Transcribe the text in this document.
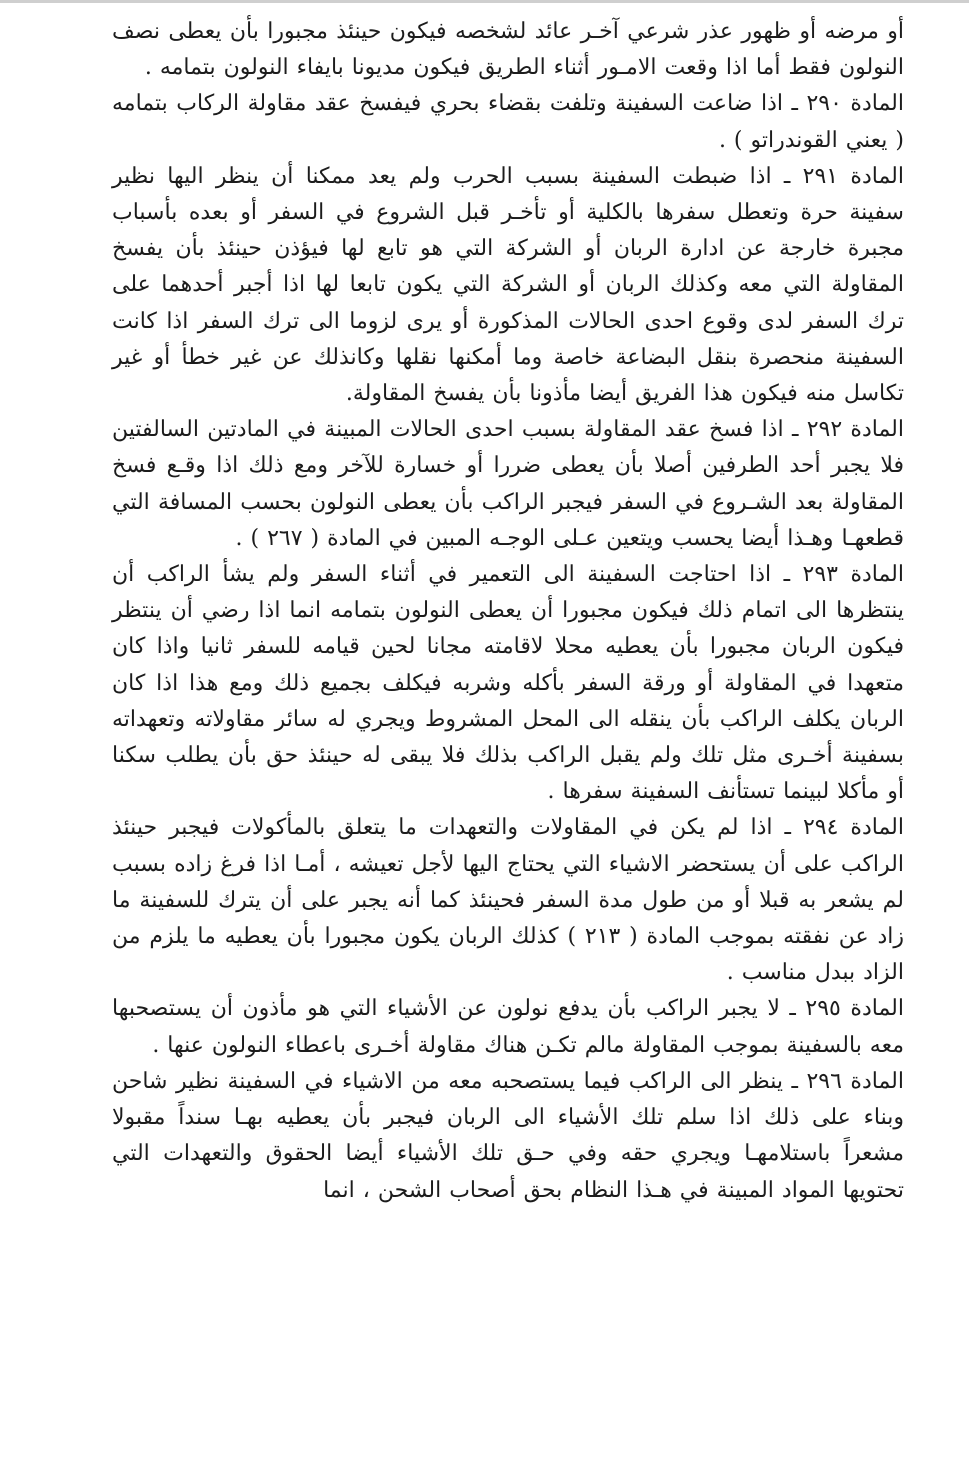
أو مرضه أو ظهور عذر شرعي آخـر عائد لشخصه فيكون حينئذ مجبورا بأن يعطى نصف النولون فقط أما اذا وقعت الامـور أثناء الطريق فيكون مديونا بايفاء النولون بتمامه .

المادة ٢٩٠ ـ اذا ضاعت السفينة وتلفت بقضاء بحري فيفسخ عقد مقاولة الركاب بتمامه ( يعني القوندراتو ) .

المادة ٢٩١ ـ اذا ضبطت السفينة بسبب الحرب ولم يعد ممكنا أن ينظر اليها نظير سفينة حرة وتعطل سفرها بالكلية أو تأخـر قبل الشروع في السفر أو بعده بأسباب مجبرة خارجة عن ادارة الربان أو الشركة التي هو تابع لها فيؤذن حينئذ بأن يفسخ المقاولة التي معه وكذلك الربان أو الشركة التي يكون تابعا لها اذا أجبر أحدهما على ترك السفر لدى وقوع احدى الحالات المذكورة أو يرى لزوما الى ترك السفر اذا كانت السفينة منحصرة بنقل البضاعة خاصة وما أمكنها نقلها وكانذلك عن غير خطأ أو غير تكاسل منه فيكون هذا الفريق أيضا مأذونا بأن يفسخ المقاولة.

المادة ٢٩٢ ـ اذا فسخ عقد المقاولة بسبب احدى الحالات المبينة في المادتين السالفتين فلا يجبر أحد الطرفين أصلا بأن يعطى ضررا أو خسارة للآخر ومع ذلك اذا وقـع فسخ المقاولة بعد الشـروع في السفر فيجبر الراكب بأن يعطى النولون بحسب المسافة التي قطعهـا وهـذا أيضا يحسب ويتعين عـلى الوجـه المبين في المادة ( ٢٦٧ ) .

المادة ٢٩٣ ـ اذا احتاجت السفينة الى التعمير في أثناء السفر ولم يشأ الراكب أن ينتظرها الى اتمام ذلك فيكون مجبورا أن يعطى النولون بتمامه انما اذا رضي أن ينتظر فيكون الربان مجبورا بأن يعطيه محلا لاقامته مجانا لحين قيامه للسفر ثانيا واذا كان متعهدا في المقاولة أو ورقة السفر بأكله وشربه فيكلف بجميع ذلك ومع هذا اذا كان الربان يكلف الراكب بأن ينقله الى المحل المشروط ويجري له سائر مقاولاته وتعهداته بسفينة أخـرى مثل تلك ولم يقبل الراكب بذلك فلا يبقى له حينئذ حق بأن يطلب سكنا أو مأكلا لبينما تستأنف السفينة سفرها .

المادة ٢٩٤ ـ اذا لم يكن في المقاولات والتعهدات ما يتعلق بالمأكولات فيجبر حينئذ الراكب على أن يستحضر الاشياء التي يحتاج اليها لأجل تعيشه ، أمـا اذا فرغ زاده بسبب لم يشعر به قبلا أو من طول مدة السفر فحينئذ كما أنه يجبر على أن يترك للسفينة ما زاد عن نفقته بموجب المادة ( ٢١٣ ) كذلك الربان يكون مجبورا بأن يعطيه ما يلزم من الزاد ببدل مناسب .

المادة ٢٩٥ ـ لا يجبر الراكب بأن يدفع نولون عن الأشياء التي هو مأذون أن يستصحبها معه بالسفينة بموجب المقاولة مالم تكـن هناك مقاولة أخـرى باعطاء النولون عنها .

المادة ٢٩٦ ـ ينظر الى الراكب فيما يستصحبه معه من الاشياء في السفينة نظير شاحن وبناء على ذلك اذا سلم تلك الأشياء الى الربان فيجبر بأن يعطيه بهـا سنداً مقبولا مشعراً باستلامهـا ويجري حقه وفي حـق تلك الأشياء أيضا الحقوق والتعهدات التي تحتويها المواد المبينة في هـذا النظام بحق أصحاب الشحن ، انما
